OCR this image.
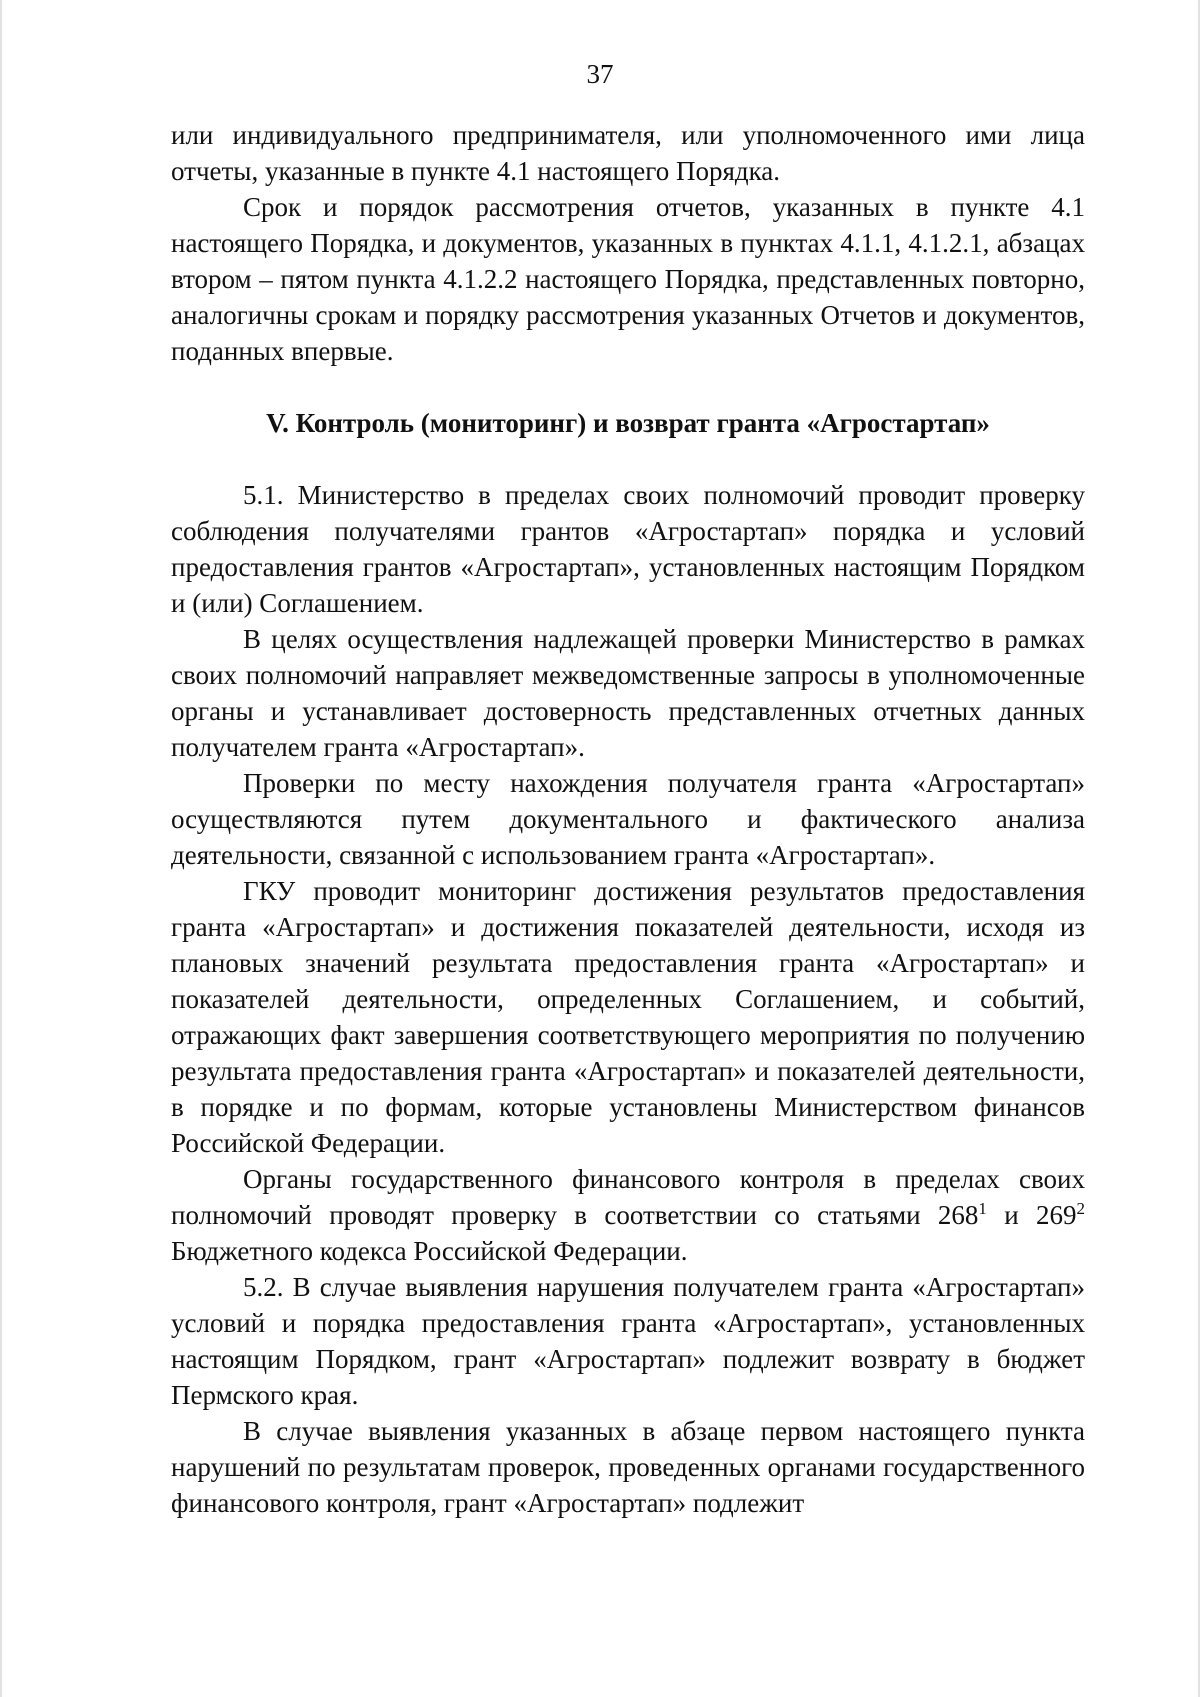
37

или индивидуального предпринимателя, или уполномоченного ими лица отчеты, указанные в пункте 4.1 настоящего Порядка.

Срок и порядок рассмотрения отчетов, указанных в пункте 4.1 настоящего Порядка, и документов, указанных в пунктах 4.1.1, 4.1.2.1, абзацах втором – пятом пункта 4.1.2.2 настоящего Порядка, представленных повторно, аналогичны срокам и порядку рассмотрения указанных Отчетов и документов, поданных впервые.

V. Контроль (мониторинг) и возврат гранта «Агростартап»

5.1. Министерство в пределах своих полномочий проводит проверку соблюдения получателями грантов «Агростартап» порядка и условий предоставления грантов «Агростартап», установленных настоящим Порядком и (или) Соглашением.

В целях осуществления надлежащей проверки Министерство в рамках своих полномочий направляет межведомственные запросы в уполномоченные органы и устанавливает достоверность представленных отчетных данных получателем гранта «Агростартап».

Проверки по месту нахождения получателя гранта «Агростартап» осуществляются путем документального и фактического анализа деятельности, связанной с использованием гранта «Агростартап».

ГКУ проводит мониторинг достижения результатов предоставления гранта «Агростартап» и достижения показателей деятельности, исходя из плановых значений результата предоставления гранта «Агростартап» и показателей деятельности, определенных Соглашением, и событий, отражающих факт завершения соответствующего мероприятия по получению результата предоставления гранта «Агростартап» и показателей деятельности, в порядке и по формам, которые установлены Министерством финансов Российской Федерации.

Органы государственного финансового контроля в пределах своих полномочий проводят проверку в соответствии со статьями $268^1$ и $269^2$ Бюджетного кодекса Российской Федерации.

5.2. В случае выявления нарушения получателем гранта «Агростартап» условий и порядка предоставления гранта «Агростартап», установленных настоящим Порядком, грант «Агростартап» подлежит возврату в бюджет Пермского края.

В случае выявления указанных в абзаце первом настоящего пункта нарушений по результатам проверок, проведенных органами государственного финансового контроля, грант «Агростартап» подлежит
